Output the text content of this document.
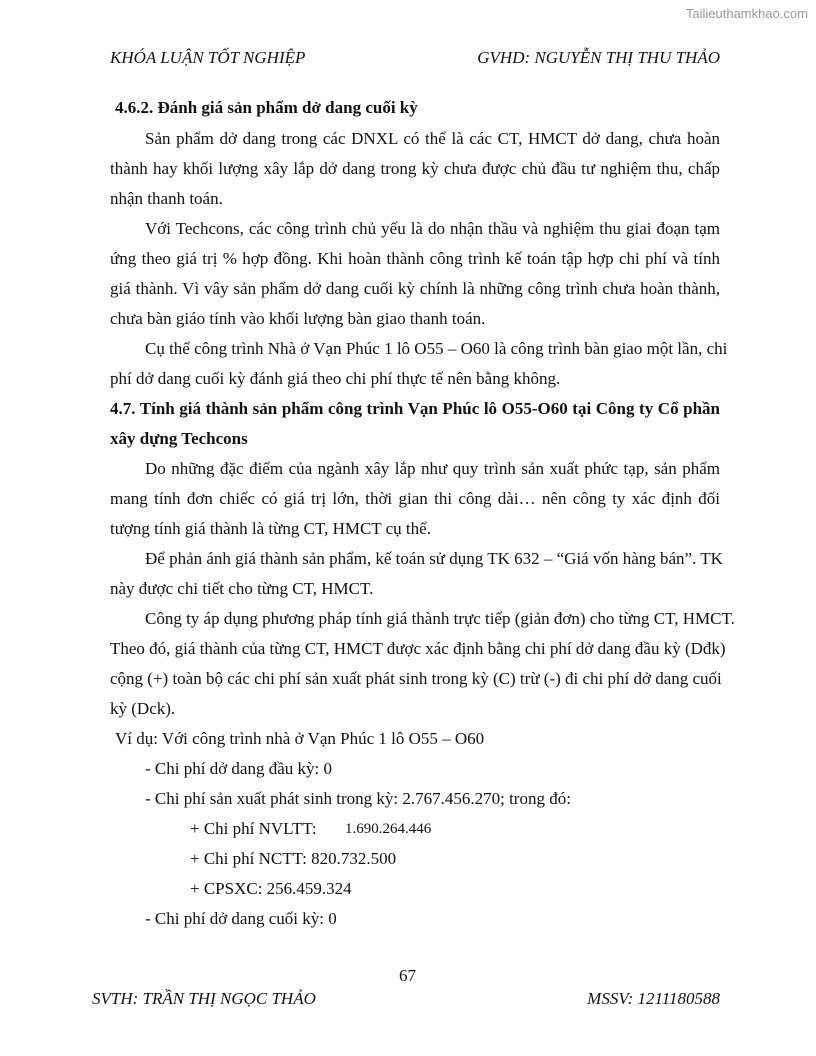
Tailieuthamkhao.com
KHÓA LUẬN TỐT NGHIỆP	GVHD: NGUYỄN THỊ THU THẢO
4.6.2. Đánh giá sản phẩm dở dang cuối kỳ
Sản phẩm dở dang trong các DNXL có thể là các CT, HMCT dở dang, chưa hoàn
thành hay khối lượng xây lắp dở dang trong kỳ chưa được chủ đầu tư nghiệm thu, chấp
nhận thanh toán.
Với Techcons, các công trình chủ yếu là do nhận thầu và nghiệm thu giai đoạn tạm
ứng theo giá trị % hợp đồng. Khi hoàn thành công trình kế toán tập hợp chi phí và tính
giá thành. Vì vây sản phẩm dở dang cuối kỳ chính là những công trình chưa hoàn thành,
chưa bàn giáo tính vào khối lượng bàn giao thanh toán.
Cụ thể công trình Nhà ở Vạn Phúc 1 lô O55 – O60 là công trình bàn giao một lần, chi
phí dở dang cuối kỳ đánh giá theo chi phí thực tế nên bằng không.
4.7. Tính giá thành sản phẩm công trình Vạn Phúc lô O55-O60 tại Công ty Cổ phần
xây dựng Techcons
Do những đặc điểm của ngành xây lắp như quy trình sản xuất phức tạp, sản phẩm
mang tính đơn chiếc có giá trị lớn, thời gian thi công dài… nên công ty xác định đối
tượng tính giá thành là từng CT, HMCT cụ thể.
Để phản ánh giá thành sản phẩm, kế toán sử dụng TK 632 – “Giá vốn hàng bán”. TK
này được chi tiết cho từng CT, HMCT.
Công ty áp dụng phương pháp tính giá thành trực tiếp (giản đơn) cho từng CT, HMCT.
Theo đó, giá thành của từng CT, HMCT được xác định bằng chi phí dở dang đầu kỳ (Dđk)
cộng (+) toàn bộ các chi phí sản xuất phát sinh trong kỳ (C) trừ (-) đi chi phí dở dang cuối
kỳ (Dck).
Ví dụ: Với công trình nhà ở Vạn Phúc 1 lô O55 – O60
- Chi phí dở dang đầu kỳ: 0
- Chi phí sản xuất phát sinh trong kỳ: 2.767.456.270; trong đó:
+ Chi phí NVLTT: 1.690.264.446
+ Chi phí NCTT: 820.732.500
+ CPSXC: 256.459.324
- Chi phí dở dang cuối kỳ: 0
67
SVTH: TRẦN THỊ NGỌC THẢO	MSSV: 1211180588
